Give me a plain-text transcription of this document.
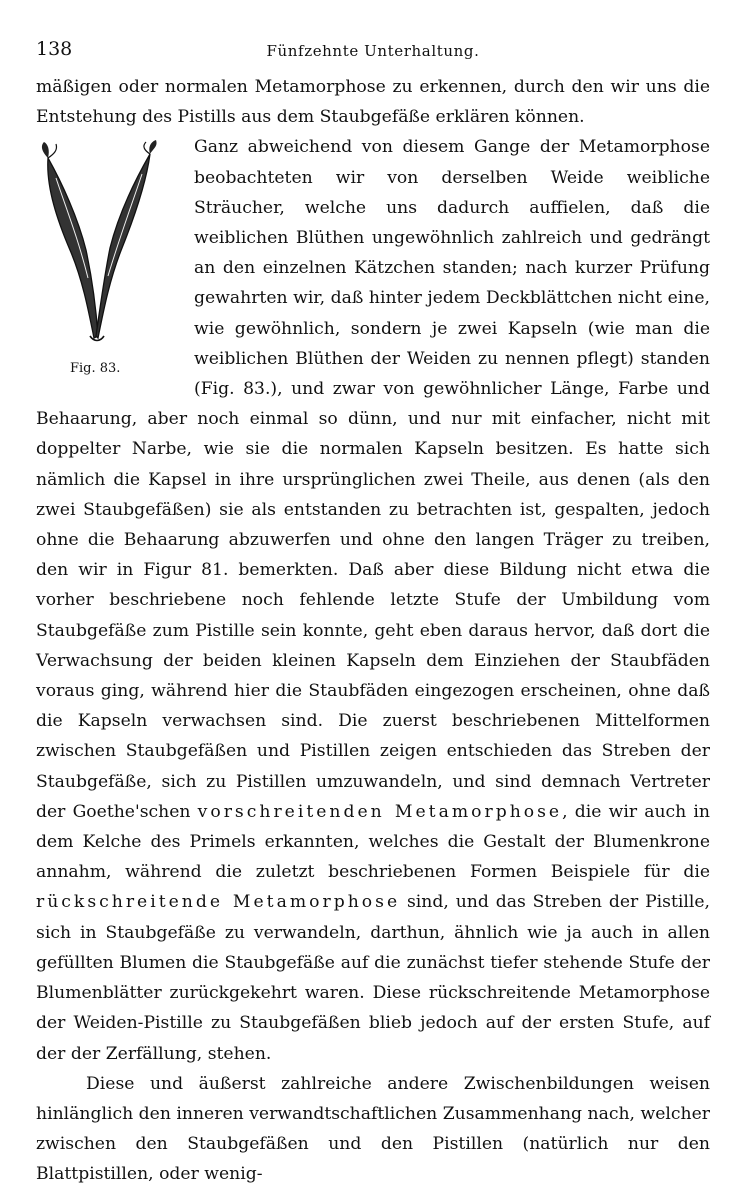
138	Fünfzehnte Unterhaltung.

mäßigen oder normalen Metamorphose zu erkennen, durch den wir uns die Entstehung des Pistills aus dem Staubgefäße erklären können.

Fig. 83.
Ganz abweichend von diesem Gange der Metamorphose beobachteten wir von derselben Weide weibliche Sträucher, welche uns dadurch auffielen, daß die weiblichen Blüthen ungewöhnlich zahlreich und gedrängt an den einzelnen Kätzchen standen; nach kurzer Prüfung gewahrten wir, daß hinter jedem Deckblättchen nicht eine, wie gewöhnlich, sondern je zwei Kapseln (wie man die weiblichen Blüthen der Weiden zu nennen pflegt) standen (Fig. 83.), und zwar von gewöhnlicher Länge, Farbe und Behaarung, aber noch einmal so dünn, und nur mit einfacher, nicht mit doppelter Narbe, wie sie die normalen Kapseln besitzen. Es hatte sich nämlich die Kapsel in ihre ursprünglichen zwei Theile, aus denen (als den zwei Staubgefäßen) sie als entstanden zu betrachten ist, gespalten, jedoch ohne die Behaarung abzuwerfen und ohne den langen Träger zu treiben, den wir in Figur 81. bemerkten. Daß aber diese Bildung nicht etwa die vorher beschriebene noch fehlende letzte Stufe der Umbildung vom Staubgefäße zum Pistille sein konnte, geht eben daraus hervor, daß dort die Verwachsung der beiden kleinen Kapseln dem Einziehen der Staubfäden voraus ging, während hier die Staubfäden eingezogen erscheinen, ohne daß die Kapseln verwachsen sind. Die zuerst beschriebenen Mittelformen zwischen Staubgefäßen und Pistillen zeigen entschieden das Streben der Staubgefäße, sich zu Pistillen umzuwandeln, und sind demnach Vertreter der Goethe'schen vorschreitenden Metamorphose, die wir auch in dem Kelche des Primels erkannten, welches die Gestalt der Blumenkrone annahm, während die zuletzt beschriebenen Formen Beispiele für die rückschreitende Metamorphose sind, und das Streben der Pistille, sich in Staubgefäße zu verwandeln, darthun, ähnlich wie ja auch in allen gefüllten Blumen die Staubgefäße auf die zunächst tiefer stehende Stufe der Blumenblätter zurückgekehrt waren. Diese rückschreitende Metamorphose der Weiden-Pistille zu Staubgefäßen blieb jedoch auf der ersten Stufe, auf der der Zerfällung, stehen.

Diese und äußerst zahlreiche andere Zwischenbildungen weisen hinlänglich den inneren verwandtschaftlichen Zusammenhang nach, welcher zwischen den Staubgefäßen und den Pistillen (natürlich nur den Blattpistillen, oder wenig-
